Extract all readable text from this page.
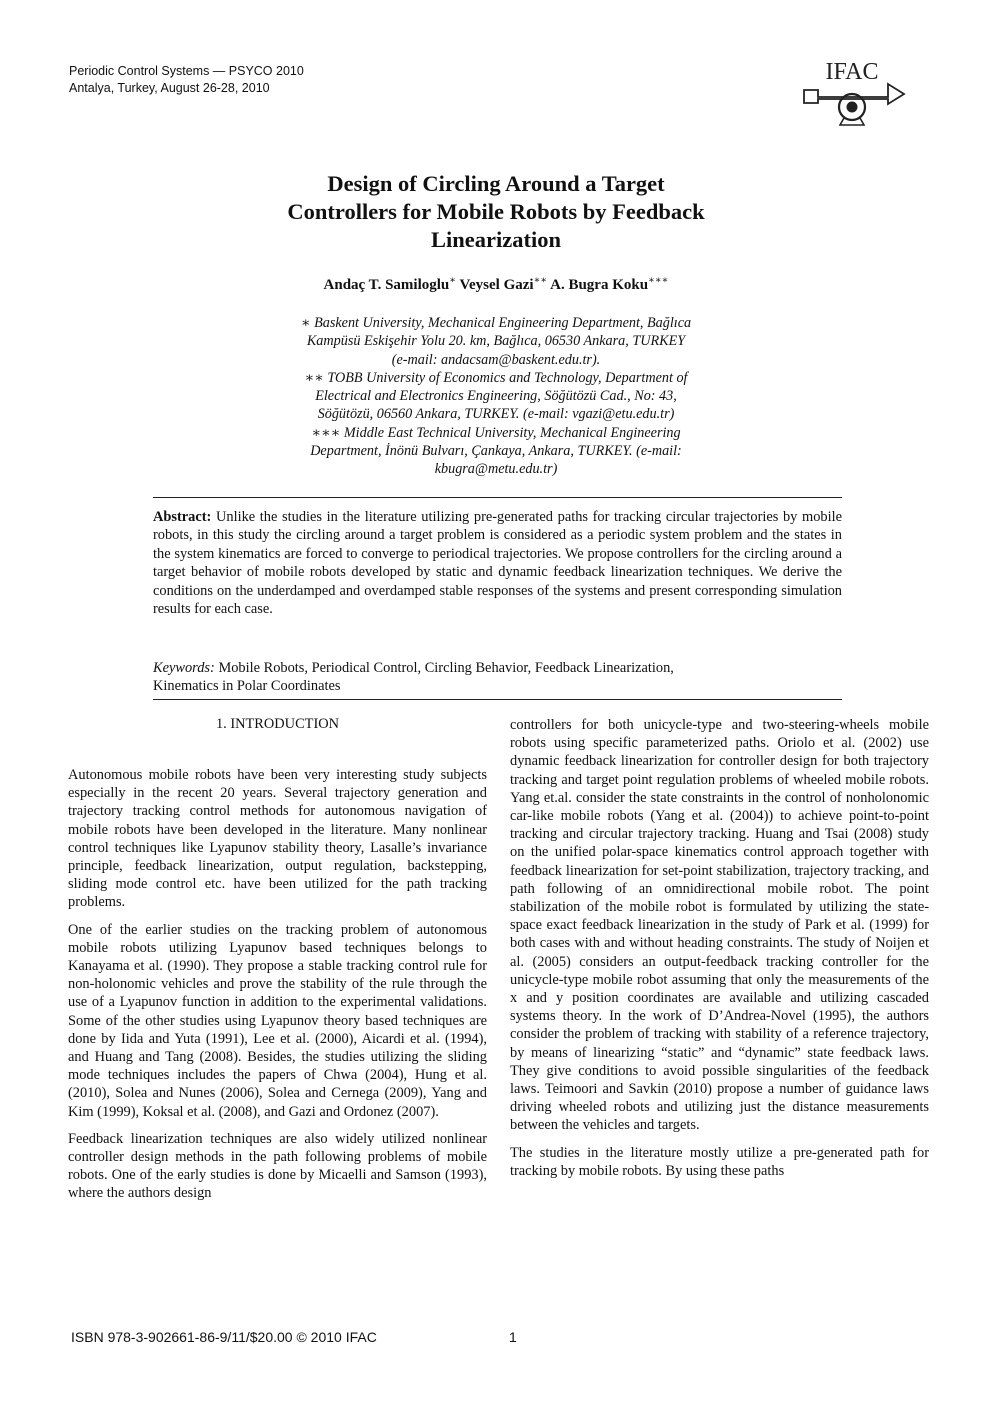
Periodic Control Systems — PSYCO 2010
Antalya, Turkey, August 26-28, 2010
IFAC
Design of Circling Around a Target
Controllers for Mobile Robots by Feedback
Linearization
Andaç T. Samiloglu∗ Veysel Gazi∗∗ A. Bugra Koku∗∗∗
∗ Baskent University, Mechanical Engineering Department, Bağlıca
Kampüsü Eskişehir Yolu 20. km, Bağlıca, 06530 Ankara, TURKEY
(e-mail: andacsam@baskent.edu.tr).
∗∗ TOBB University of Economics and Technology, Department of
Electrical and Electronics Engineering, Söğütözü Cad., No: 43,
Söğütözü, 06560 Ankara, TURKEY. (e-mail: vgazi@etu.edu.tr)
∗∗∗ Middle East Technical University, Mechanical Engineering
Department, İnönü Bulvarı, Çankaya, Ankara, TURKEY. (e-mail:
kbugra@metu.edu.tr)
Abstract: Unlike the studies in the literature utilizing pre-generated paths for tracking circular trajectories by mobile robots, in this study the circling around a target problem is considered as a periodic system problem and the states in the system kinematics are forced to converge to periodical trajectories. We propose controllers for the circling around a target behavior of mobile robots developed by static and dynamic feedback linearization techniques. We derive the conditions on the underdamped and overdamped stable responses of the systems and present corresponding simulation results for each case.
Keywords: Mobile Robots, Periodical Control, Circling Behavior, Feedback Linearization,
Kinematics in Polar Coordinates
1. INTRODUCTION

Autonomous mobile robots have been very interesting study subjects especially in the recent 20 years. Several trajectory generation and trajectory tracking control methods for autonomous navigation of mobile robots have been developed in the literature. Many nonlinear control techniques like Lyapunov stability theory, Lasalle’s invariance principle, feedback linearization, output regulation, backstepping, sliding mode control etc. have been utilized for the path tracking problems.

One of the earlier studies on the tracking problem of autonomous mobile robots utilizing Lyapunov based techniques belongs to Kanayama et al. (1990). They propose a stable tracking control rule for non-holonomic vehicles and prove the stability of the rule through the use of a Lyapunov function in addition to the experimental validations. Some of the other studies using Lyapunov theory based techniques are done by Iida and Yuta (1991), Lee et al. (2000), Aicardi et al. (1994), and Huang and Tang (2008). Besides, the studies utilizing the sliding mode techniques includes the papers of Chwa (2004), Hung et al. (2010), Solea and Nunes (2006), Solea and Cernega (2009), Yang and Kim (1999), Koksal et al. (2008), and Gazi and Ordonez (2007).

Feedback linearization techniques are also widely utilized nonlinear controller design methods in the path following problems of mobile robots. One of the early studies is done by Micaelli and Samson (1993), where the authors design

controllers for both unicycle-type and two-steering-wheels mobile robots using specific parameterized paths. Oriolo et al. (2002) use dynamic feedback linearization for controller design for both trajectory tracking and target point regulation problems of wheeled mobile robots. Yang et.al. consider the state constraints in the control of nonholonomic car-like mobile robots (Yang et al. (2004)) to achieve point-to-point tracking and circular trajectory tracking. Huang and Tsai (2008) study on the unified polar-space kinematics control approach together with feedback linearization for set-point stabilization, trajectory tracking, and path following of an omnidirectional mobile robot. The point stabilization of the mobile robot is formulated by utilizing the state-space exact feedback linearization in the study of Park et al. (1999) for both cases with and without heading constraints. The study of Noijen et al. (2005) considers an output-feedback tracking controller for the unicycle-type mobile robot assuming that only the measurements of the x and y position coordinates are available and utilizing cascaded systems theory. In the work of D’Andrea-Novel (1995), the authors consider the problem of tracking with stability of a reference trajectory, by means of linearizing “static” and “dynamic” state feedback laws. They give conditions to avoid possible singularities of the feedback laws. Teimoori and Savkin (2010) propose a number of guidance laws driving wheeled robots and utilizing just the distance measurements between the vehicles and targets.

The studies in the literature mostly utilize a pre-generated path for tracking by mobile robots. By using these paths

ISBN 978-3-902661-86-9/11/$20.00 © 2010 IFAC	1
